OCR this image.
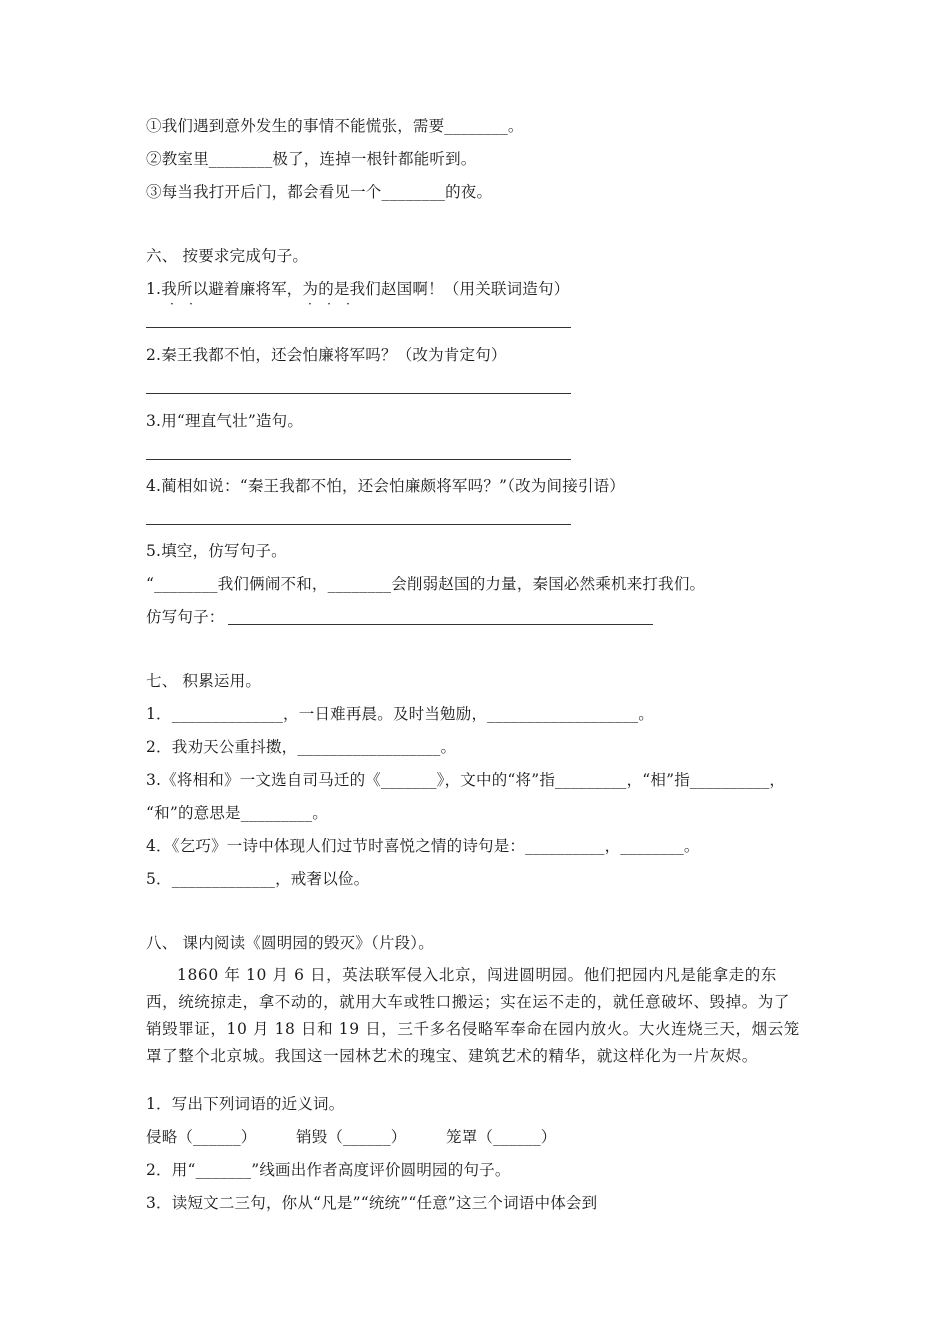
①我们遇到意外发生的事情不能慌张，需要________。
②教室里________极了，连掉一根针都能听到。
③每当我打开后门，都会看见一个________的夜。
六、 按要求完成句子。
1.我所以避着廉将军，为的是我们赵国啊！（用关联词造句）
·    ·	·    ·    ·
2.秦王我都不怕，还会怕廉将军吗？（改为肯定句）
3.用“理直气壮”造句。
4.蔺相如说：“秦王我都不怕，还会怕廉颇将军吗？”（改为间接引语）
5.填空，仿写句子。
“________我们俩闹不和，________会削弱赵国的力量，秦国必然乘机来打我们。
仿写句子：
七、 积累运用。
1．______________，一日难再晨。及时当勉励，___________________。
2．我劝天公重抖擞，__________________。
3.《将相和》一文选自司马迁的《_______》，文中的“将”指_________，“相”指__________，
“和”的意思是_________。
4．《乞巧》一诗中体现人们过节时喜悦之情的诗句是：__________，________。
5．_____________，戒奢以俭。
八、 课内阅读《圆明园的毁灭》（片段）。
1860 年 10 月 6 日，英法联军侵入北京，闯进圆明园。他们把园内凡是能拿走的东西，统统掠走，拿不动的，就用大车或牲口搬运；实在运不走的，就任意破坏、毁掉。为了销毁罪证，10 月 18 日和 19 日，三千多名侵略军奉命在园内放火。大火连烧三天，烟云笼罩了整个北京城。我国这一园林艺术的瑰宝、建筑艺术的精华，就这样化为一片灰烬。
1．写出下列词语的近义词。
侵略（______）	销毁（______）	笼罩（______）
2．用“_______”线画出作者高度评价圆明园的句子。
3．读短文二三句，你从“凡是”“统统”“任意”这三个词语中体会到
